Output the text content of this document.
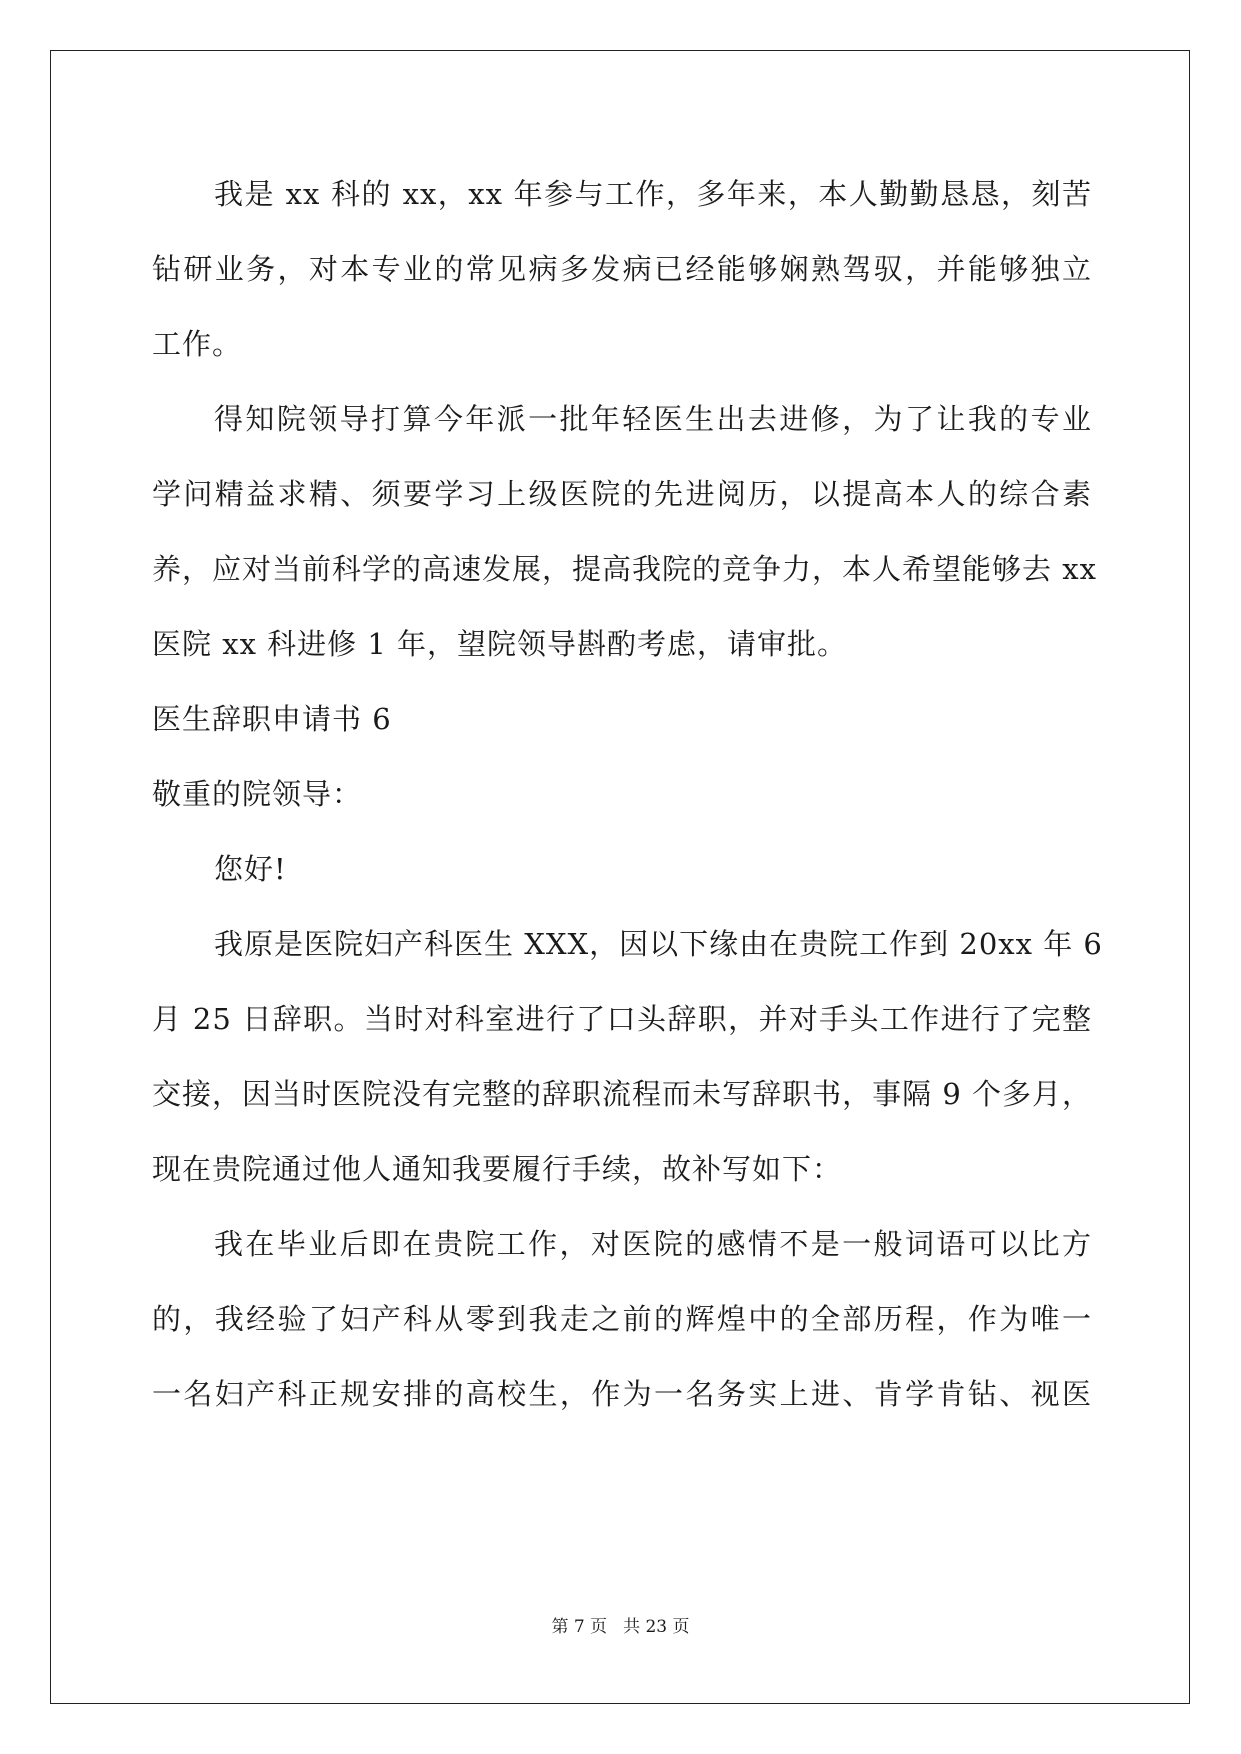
我是 xx 科的 xx，xx 年参与工作，多年来，本人勤勤恳恳，刻苦
钻研业务，对本专业的常见病多发病已经能够娴熟驾驭，并能够独立
工作。
得知院领导打算今年派一批年轻医生出去进修，为了让我的专业
学问精益求精、须要学习上级医院的先进阅历，以提高本人的综合素
养，应对当前科学的高速发展，提高我院的竞争力，本人希望能够去 xx
医院 xx 科进修 1 年，望院领导斟酌考虑，请审批。
医生辞职申请书 6
敬重的院领导：
您好!
我原是医院妇产科医生 XXX，因以下缘由在贵院工作到 20xx 年 6
月 25 日辞职。当时对科室进行了口头辞职，并对手头工作进行了完整
交接，因当时医院没有完整的辞职流程而未写辞职书，事隔 9 个多月，
现在贵院通过他人通知我要履行手续，故补写如下：
我在毕业后即在贵院工作，对医院的感情不是一般词语可以比方
的，我经验了妇产科从零到我走之前的辉煌中的全部历程，作为唯一
一名妇产科正规安排的高校生，作为一名务实上进、肯学肯钻、视医
第 7 页 共 23 页
